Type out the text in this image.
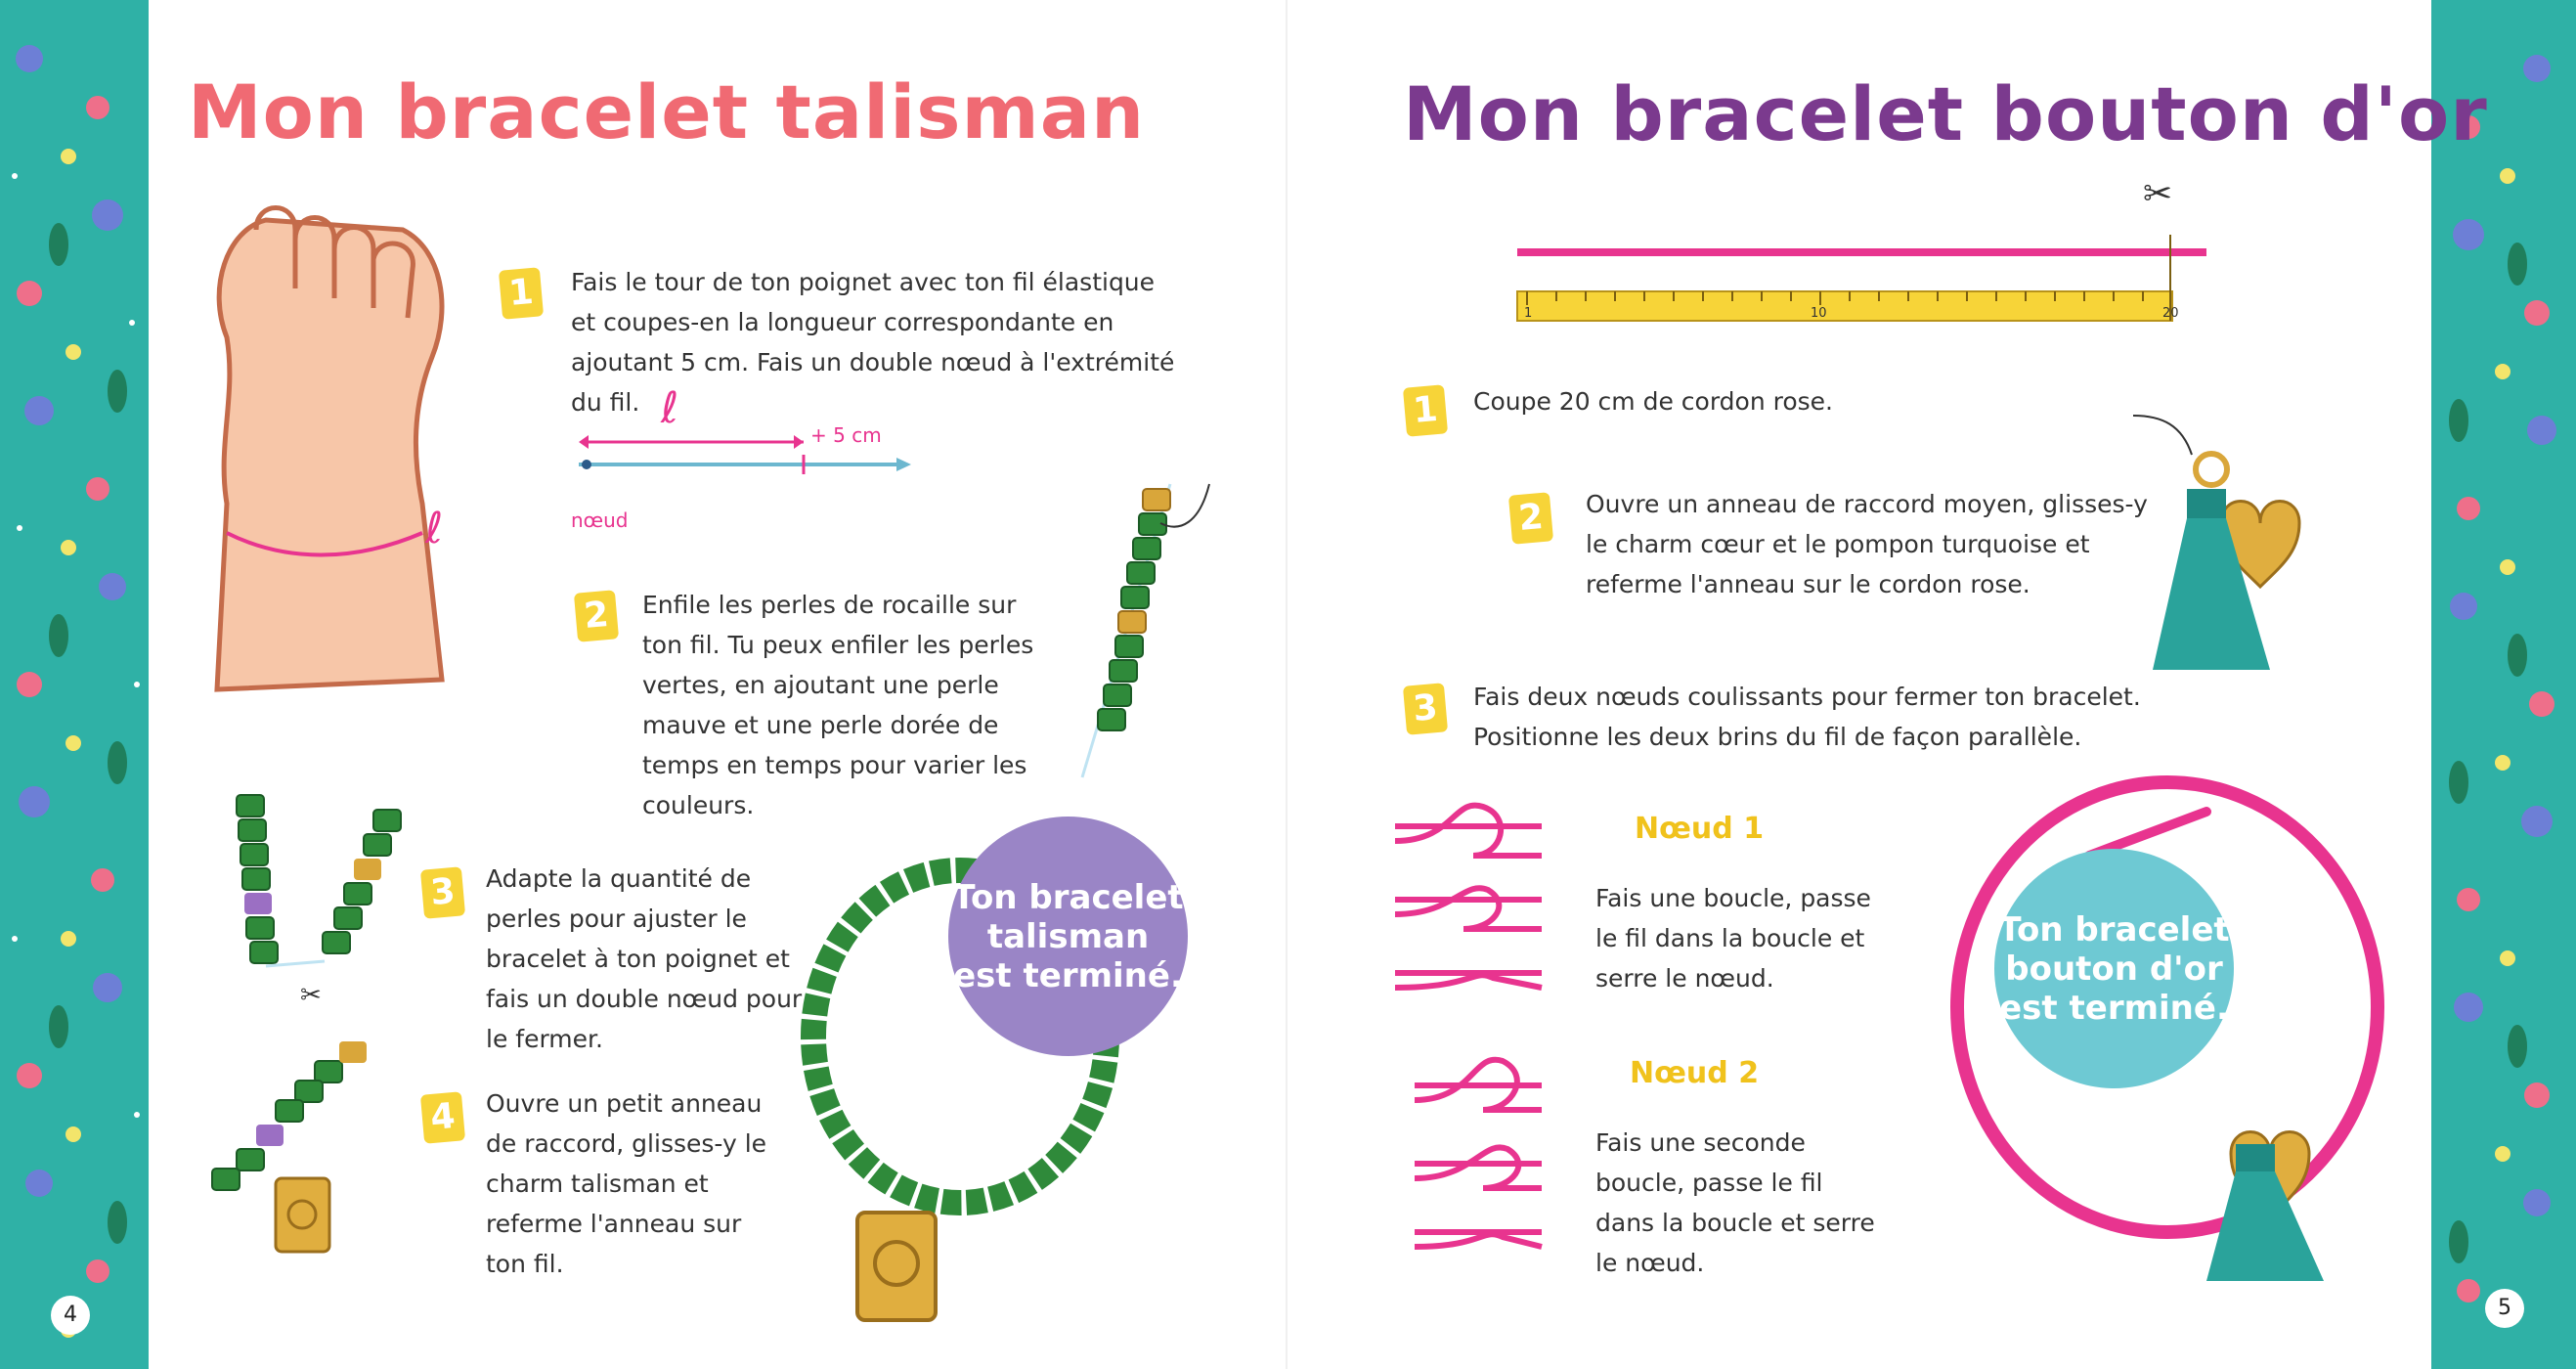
Mon bracelet talisman
ℓ
1	Fais le tour de ton poignet avec ton fil élastique et coupes-en la longueur correspondante en ajoutant 5 cm. Fais un double nœud à l'extrémité du fil. ℓ
+ 5 cm
nœud
2	Enfile les perles de rocaille sur ton fil. Tu peux enfiler les perles vertes, en ajoutant une perle mauve et une perle dorée de temps en temps pour varier les couleurs.
✂
3	Adapte la quantité de perles pour ajuster le bracelet à ton poignet et fais un double nœud pour le fermer.
4	Ouvre un petit anneau de raccord, glisses-y le charm talisman et referme l'anneau sur ton fil.
Ton bracelet
talisman
est terminé.
4
Mon bracelet bouton d'or
✂
1	10	20
1	Coupe 20 cm de cordon rose.
2	Ouvre un anneau de raccord moyen, glisses-y le charm cœur et le pompon turquoise et referme l'anneau sur le cordon rose.
3	Fais deux nœuds coulissants pour fermer ton bracelet. Positionne les deux brins du fil de façon parallèle.
Nœud 1
Fais une boucle, passe le fil dans la boucle et serre le nœud.
Nœud 2
Fais une seconde boucle, passe le fil dans la boucle et serre le nœud.
Ton bracelet
bouton d'or
est terminé.
5
